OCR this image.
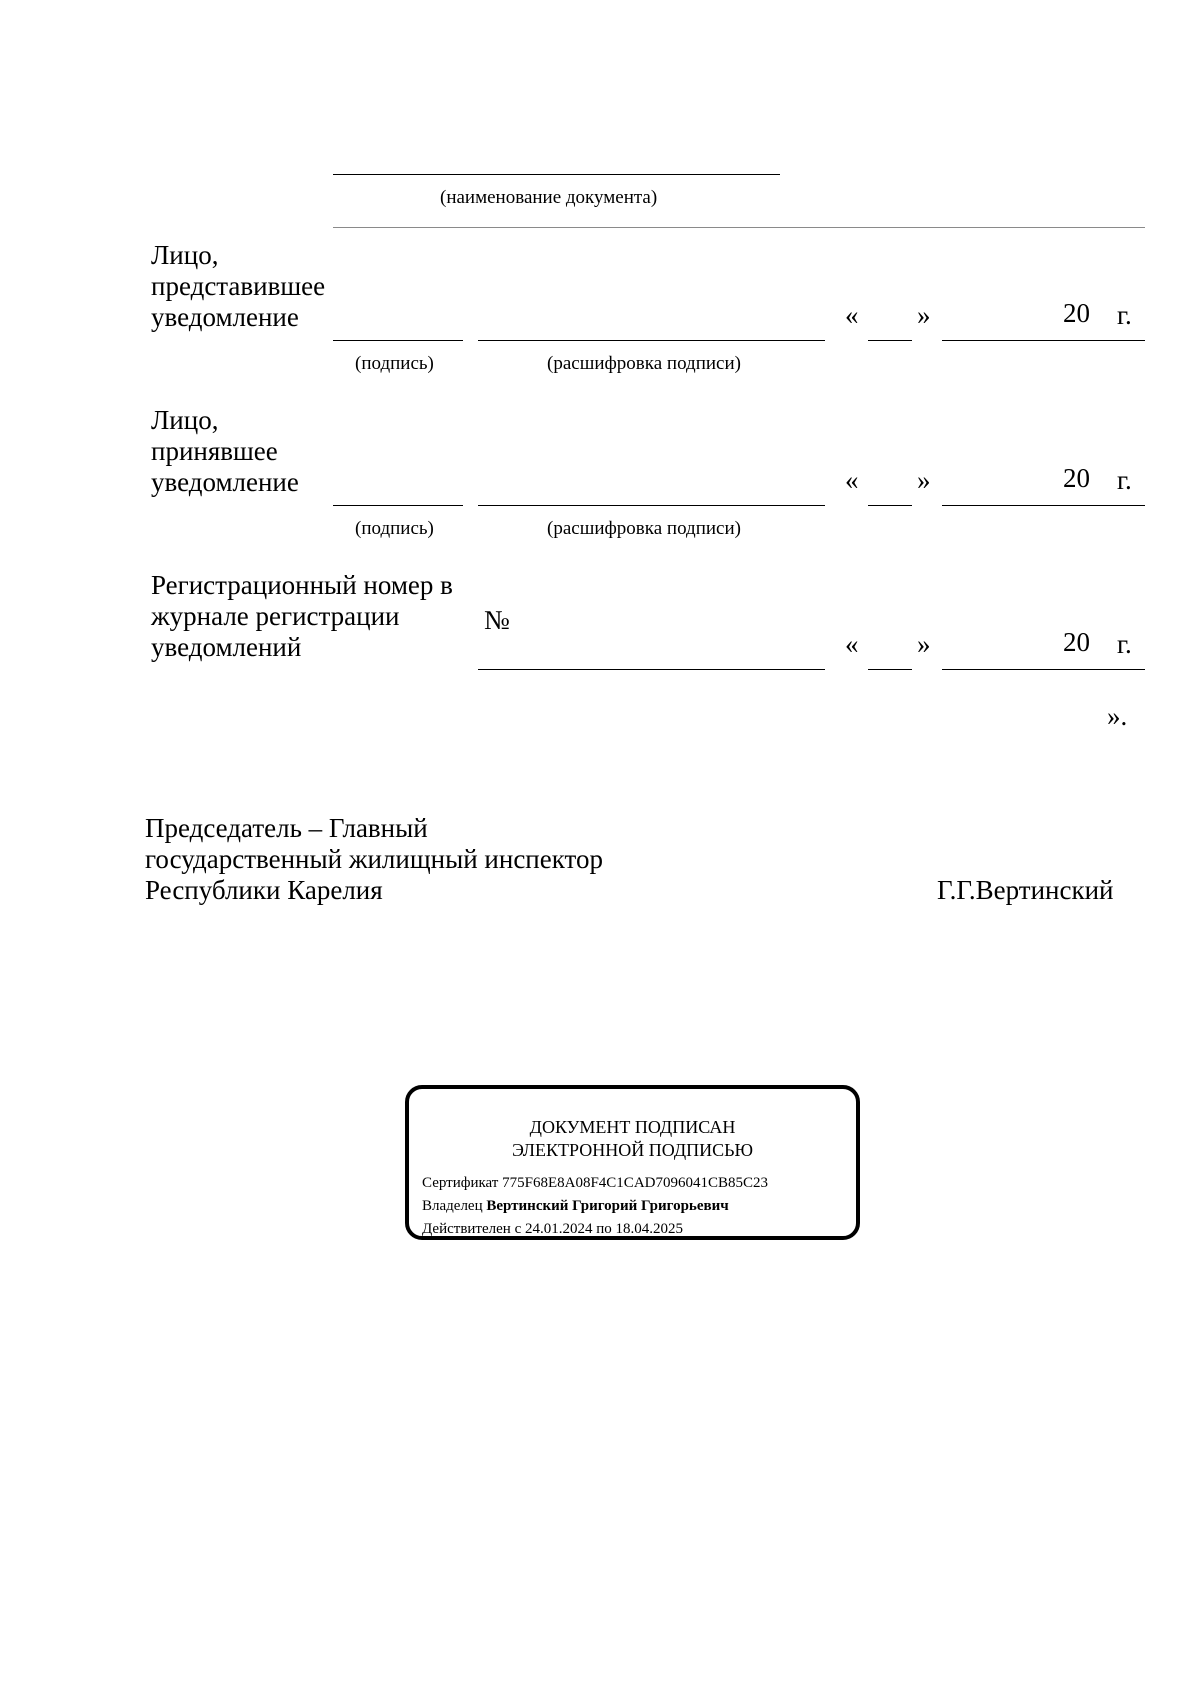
(наименование документа)
Лицо,
представившее
уведомление	« »	20 г.
(подпись)	(расшифровка подписи)
Лицо,
принявшее
уведомление	« »	20 г.
(подпись)	(расшифровка подписи)
Регистрационный номер в
журнале регистрации
уведомлений
№
« »	20 г.
».
Председатель – Главный
государственный жилищный инспектор
Республики Карелия	Г.Г.Вертинский
ДОКУМЕНТ ПОДПИСАН
ЭЛЕКТРОННОЙ ПОДПИСЬЮ
Сертификат 775F68E8A08F4C1CAD7096041CB85C23
Владелец Вертинский Григорий Григорьевич
Действителен с 24.01.2024 по 18.04.2025
